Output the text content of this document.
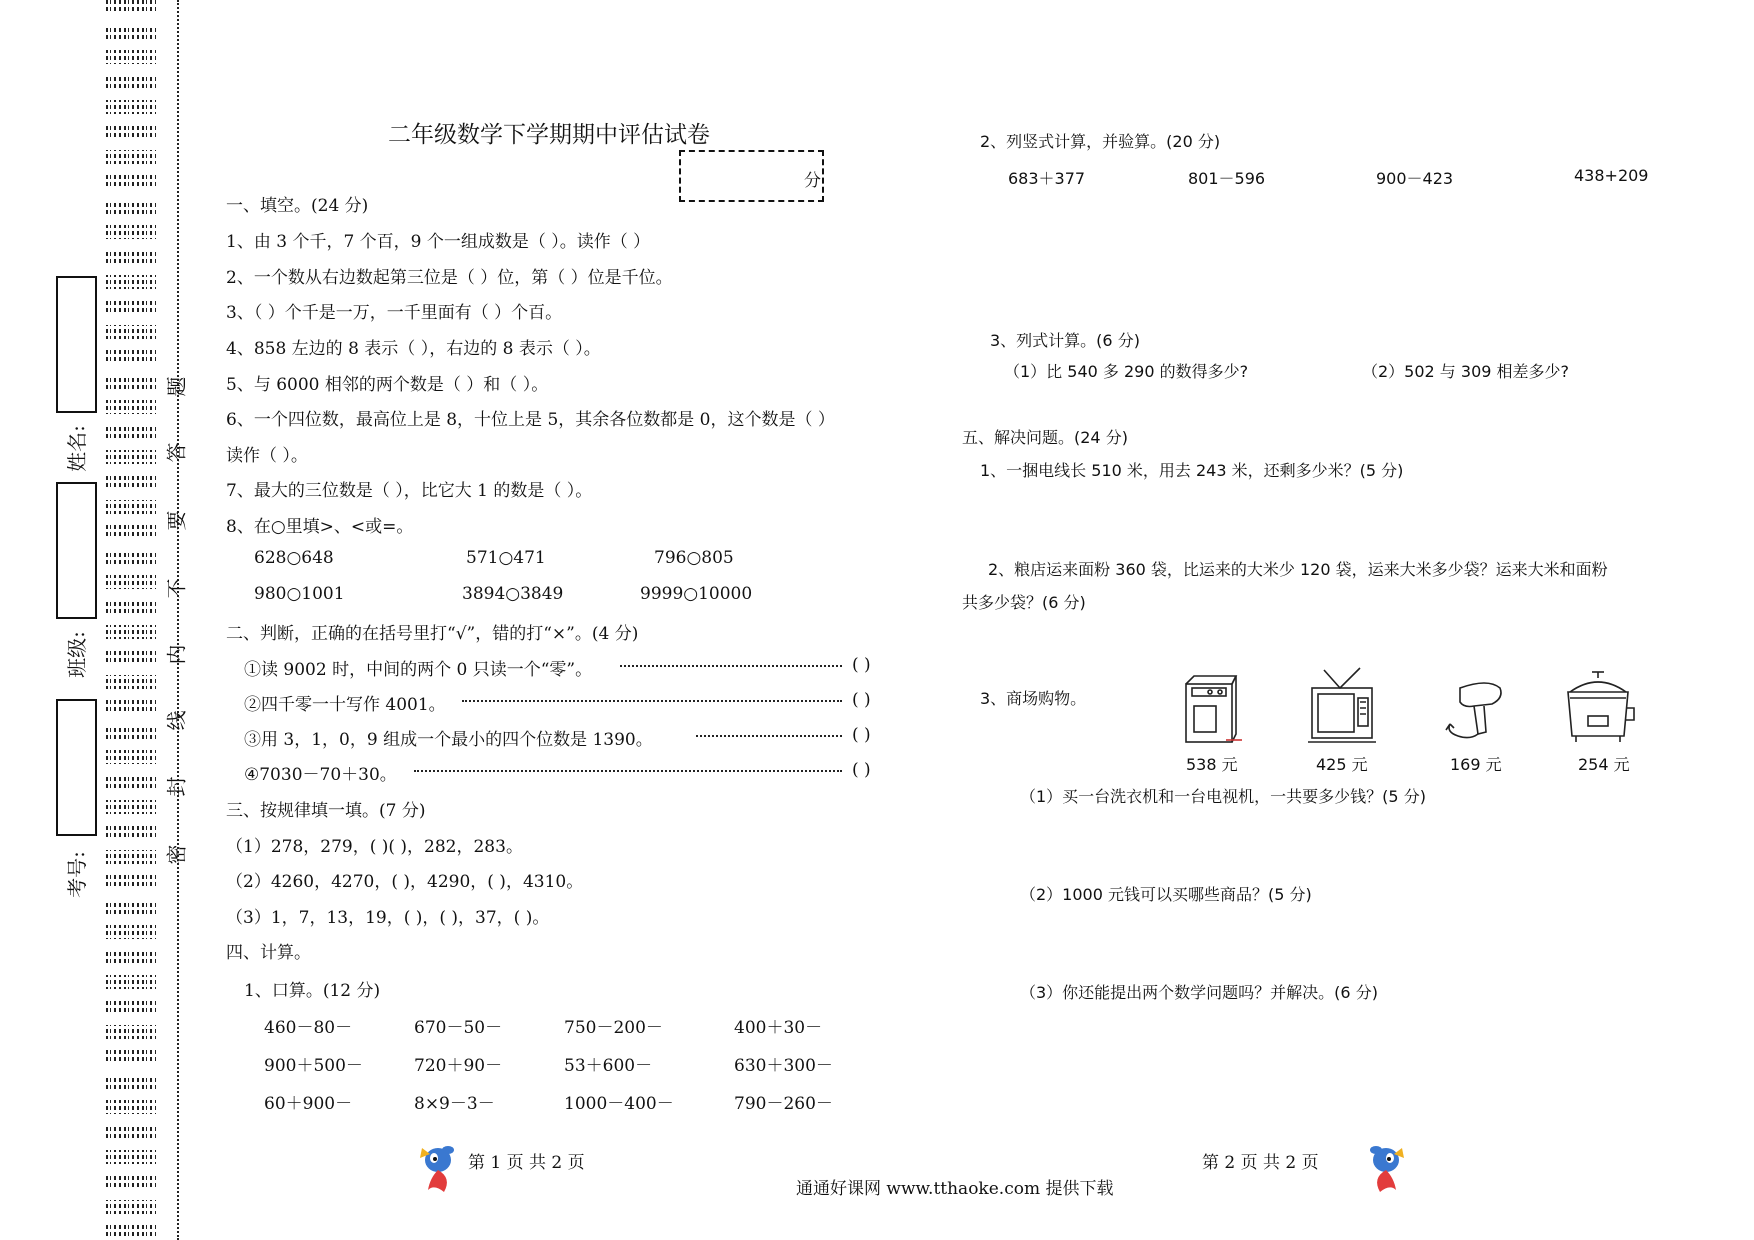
姓名:
班级:
考号:
题
答
要
不
内
线
封
密
二年级数学下学期期中评估试卷
分
一、填空。(24 分)
1、由 3 个千，7 个百，9 个一组成数是（ ）。读作（ ）
2、一个数从右边数起第三位是（ ）位，第（ ）位是千位。
3、（ ）个千是一万，一千里面有（ ）个百。
4、858 左边的 8 表示（ ），右边的 8 表示（ ）。
5、与 6000 相邻的两个数是（ ）和（ ）。
6、一个四位数，最高位上是 8，十位上是 5，其余各位数都是 0，这个数是（ ）
读作（ ）。
7、最大的三位数是（ ），比它大 1 的数是（ ）。
8、在○里填>、<或=。
628○648	571○471	796○805
980○1001	3894○3849	9999○10000
二、判断，正确的在括号里打“√”，错的打“×”。(4 分)
①读 9002 时，中间的两个 0 只读一个“零”。	( )
②四千零一十写作 4001。	( )
③用 3，1，0，9 组成一个最小的四个位数是 1390。	( )
④7030－70＋30。	( )
三、按规律填一填。(7 分)
（1）278，279，( )( )，282，283。
（2）4260，4270，( )，4290，( )，4310。
（3）1，7，13，19，( )，( )，37，( )。
四、计算。
1、口算。(12 分)
460－80－	670－50－	750－200－	400＋30－
900＋500－	720＋90－	53＋600－	630＋300－
60＋900－	8×9－3－	1000－400－	790－260－
第 1 页 共 2 页
2、列竖式计算，并验算。(20 分)
683＋377	801－596	900－423	438+209
3、列式计算。(6 分)
（1）比 540 多 290 的数得多少?	（2）502 与 309 相差多少?
五、解决问题。(24 分)
1、一捆电线长 510 米，用去 243 米，还剩多少米？(5 分)
2、粮店运来面粉 360 袋，比运来的大米少 120 袋，运来大米多少袋？运来大米和面粉
共多少袋？(6 分)
3、商场购物。
538 元	425 元	169 元	254 元
（1）买一台洗衣机和一台电视机，一共要多少钱？(5 分)
（2）1000 元钱可以买哪些商品？(5 分)
（3）你还能提出两个数学问题吗？并解决。(6 分)
第 2 页 共 2 页
通通好课网 www.tthaoke.com 提供下载
